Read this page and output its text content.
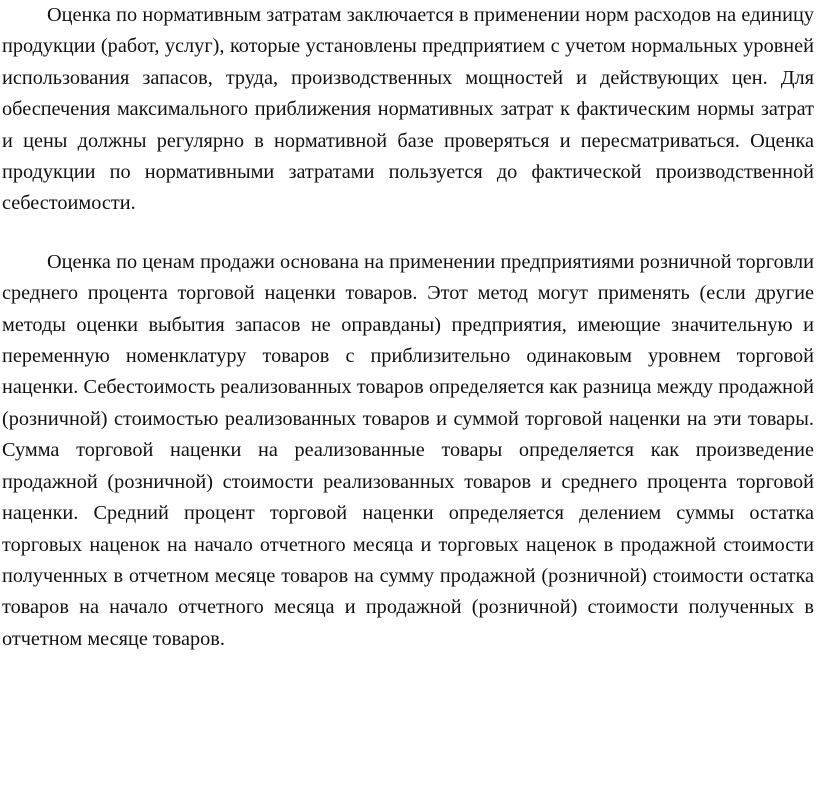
Оценка по нормативным затратам заключается в применении норм расходов на единицу продукции (работ, услуг), которые установлены предприятием с учетом нормальных уровней использования запасов, труда, производственных мощностей и действующих цен. Для обеспечения максимального приближения нормативных затрат к фактическим нормы затрат и цены должны регулярно в нормативной базе проверяться и пересматриваться. Оценка продукции по нормативными затратами пользуется до фактической производственной себестоимости.

Оценка по ценам продажи основана на применении предприятиями розничной торговли среднего процента торговой наценки товаров. Этот метод могут применять (если другие методы оценки выбытия запасов не оправданы) предприятия, имеющие значительную и переменную номенклатуру товаров с приблизительно одинаковым уровнем торговой наценки. Себестоимость реализованных товаров определяется как разница между продажной (розничной) стоимостью реализованных товаров и суммой торговой наценки на эти товары. Сумма торговой наценки на реализованные товары определяется как произведение продажной (розничной) стоимости реализованных товаров и среднего процента торговой наценки. Средний процент торговой наценки определяется делением суммы остатка торговых наценок на начало отчетного месяца и торговых наценок в продажной стоимости полученных в отчетном месяце товаров на сумму продажной (розничной) стоимости остатка товаров на начало отчетного месяца и продажной (розничной) стоимости полученных в отчетном месяце товаров.
